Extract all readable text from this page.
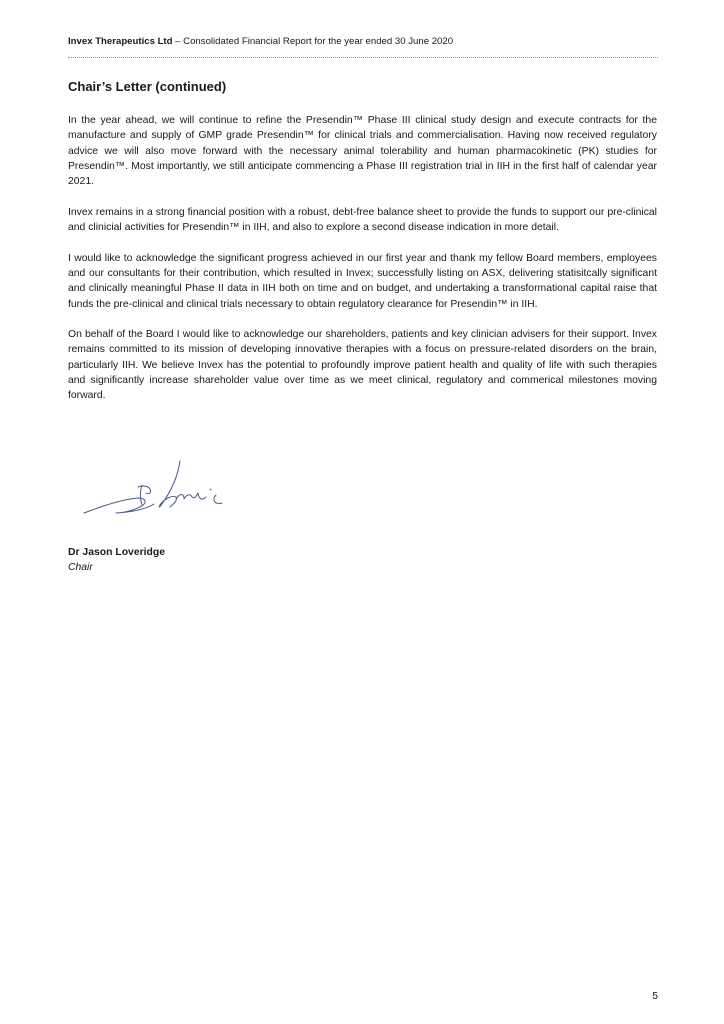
Invex Therapeutics Ltd – Consolidated Financial Report for the year ended 30 June 2020
Chair’s Letter (continued)

In the year ahead, we will continue to refine the Presendin™ Phase III clinical study design and execute contracts for the manufacture and supply of GMP grade Presendin™ for clinical trials and commercialisation. Having now received regulatory advice we will also move forward with the necessary animal tolerability and human pharmacokinetic (PK) studies for Presendin™. Most importantly, we still anticipate commencing a Phase III registration trial in IIH in the first half of calendar year 2021.

Invex remains in a strong financial position with a robust, debt-free balance sheet to provide the funds to support our pre-clinical and clinicial activities for Presendin™ in IIH, and also to explore a second disease indication in more detail.

I would like to acknowledge the significant progress achieved in our first year and thank my fellow Board members, employees and our consultants for their contribution, which resulted in Invex; successfully listing on ASX, delivering statisitcally significant and clinically meaningful Phase II data in IIH both on time and on budget, and undertaking a transformational capital raise that funds the pre-clinical and clinical trials necessary to obtain regulatory clearance for Presendin™ in IIH.

On behalf of the Board I would like to acknowledge our shareholders, patients and key clinician advisers for their support. Invex remains committed to its mission of developing innovative therapies with a focus on pressure-related disorders on the brain, particularly IIH. We believe Invex has the potential to profoundly improve patient health and quality of life with such therapies and significantly increase shareholder value over time as we meet clinical, regulatory and commerical milestones moving forward.

Dr Jason Loveridge
Chair
5
